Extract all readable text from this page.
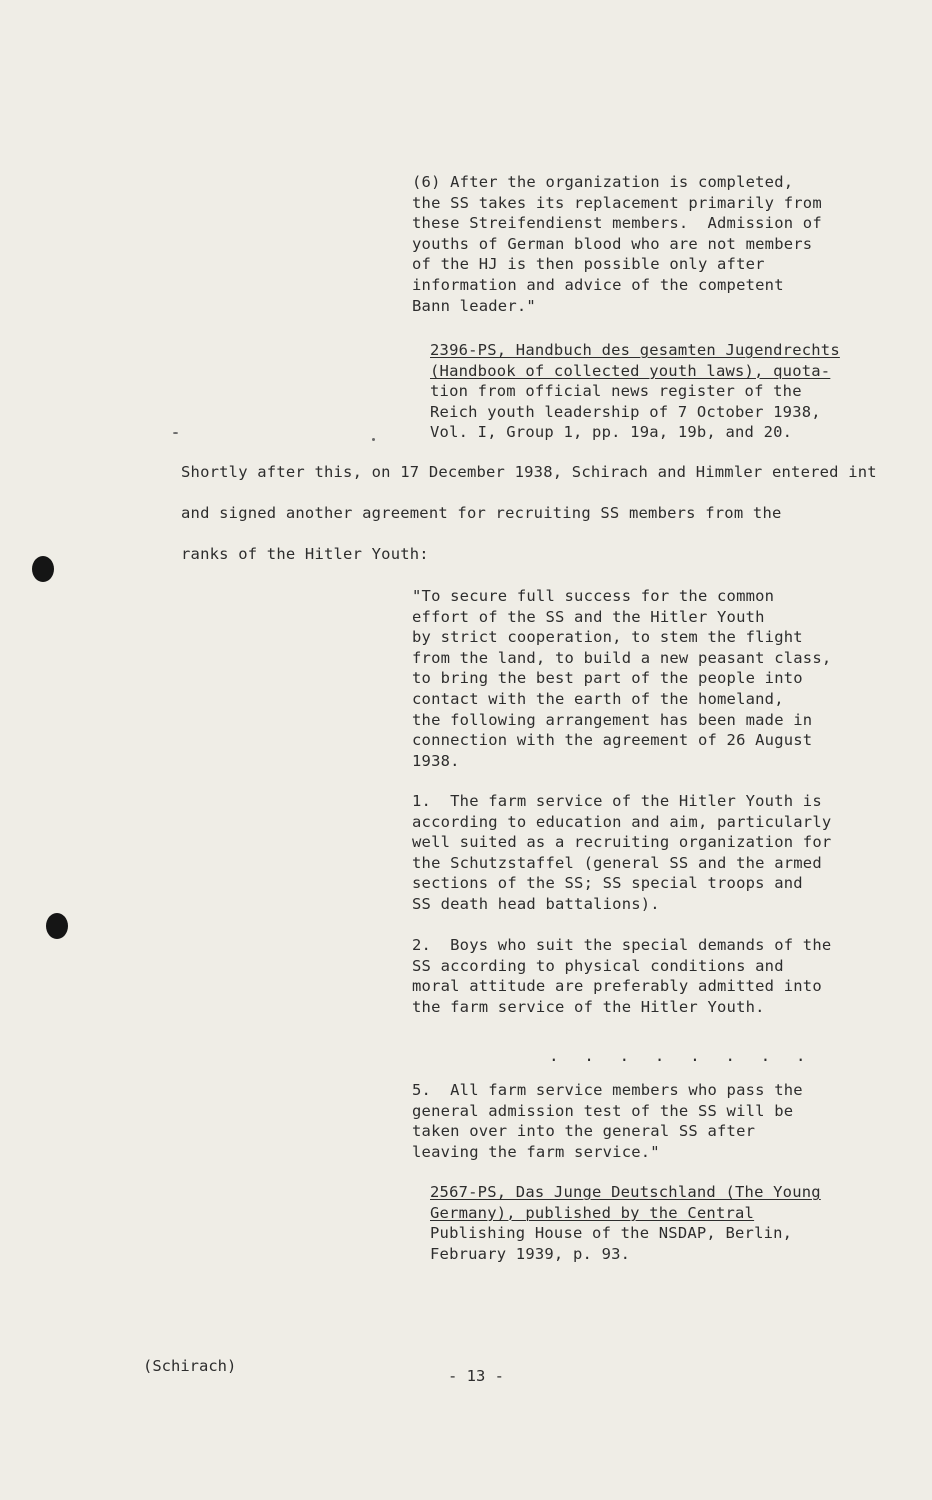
(6) After the organization is completed,
the SS takes its replacement primarily from
these Streifendienst members.  Admission of
youths of German blood who are not members
of the HJ is then possible only after
information and advice of the competent
Bann leader."
2396-PS, Handbuch des gesamten Jugendrechts
(Handbook of collected youth laws), quota-
tion from official news register of the
Reich youth leadership of 7 October 1938,
Vol. I, Group 1, pp. 19a, 19b, and 20.
Shortly after this, on 17 December 1938, Schirach and Himmler entered int
and signed another agreement for recruiting SS members from the
ranks of the Hitler Youth:
"To secure full success for the common
effort of the SS and the Hitler Youth
by strict cooperation, to stem the flight
from the land, to build a new peasant class,
to bring the best part of the people into
contact with the earth of the homeland,
the following arrangement has been made in
connection with the agreement of 26 August
1938.
1.  The farm service of the Hitler Youth is
according to education and aim, particularly
well suited as a recruiting organization for
the Schutzstaffel (general SS and the armed
sections of the SS; SS special troops and
SS death head battalions).
2.  Boys who suit the special demands of the
SS according to physical conditions and
moral attitude are preferably admitted into
the farm service of the Hitler Youth.
. . . . . . . .
5.  All farm service members who pass the
general admission test of the SS will be
taken over into the general SS after
leaving the farm service."
2567-PS, Das Junge Deutschland (The Young
Germany), published by the Central
Publishing House of the NSDAP, Berlin,
February 1939, p. 93.
(Schirach)
- 13 -
